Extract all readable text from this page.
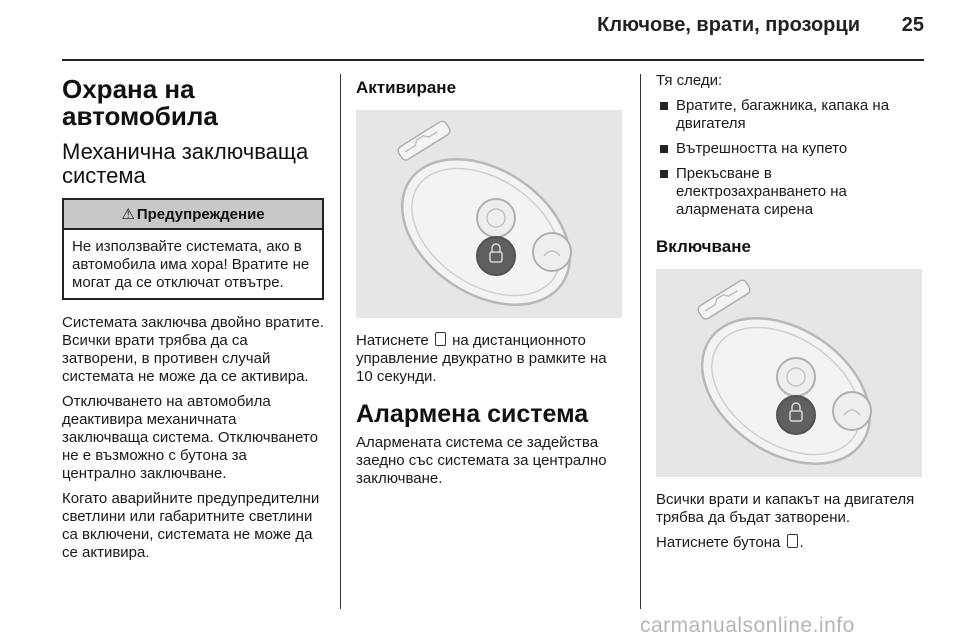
Ключове, врати, прозорци	25
Охрана на автомобила
Механична заключваща система
⚠ Предупреждение
Не използвайте системата, ако в автомобила има хора! Вратите не могат да се отключат отвътре.

Системата заключва двойно вратите. Всички врати трябва да са затворени, в противен случай системата не може да се активира.

Отключването на автомобила деактивира механичната заключваща система. Отключването не е възможно с бутона за централно заключване.

Когато аварийните предупредителни светлини или габаритните светлини са включени, системата не може да се активира.

Активиране

Натиснете на дистанционното управление двукратно в рамките на 10 секунди.

Алармена система

Алармената система се задейства заедно със системата за централно заключване.

Тя следи:

Вратите, багажника, капака на двигателя
Вътрешността на купето
Прекъсване в електрозахранването на алармената сирена
Включване

Всички врати и капакът на двигателя трябва да бъдат затворени.

Натиснете бутона .

carmanualsonline.info
